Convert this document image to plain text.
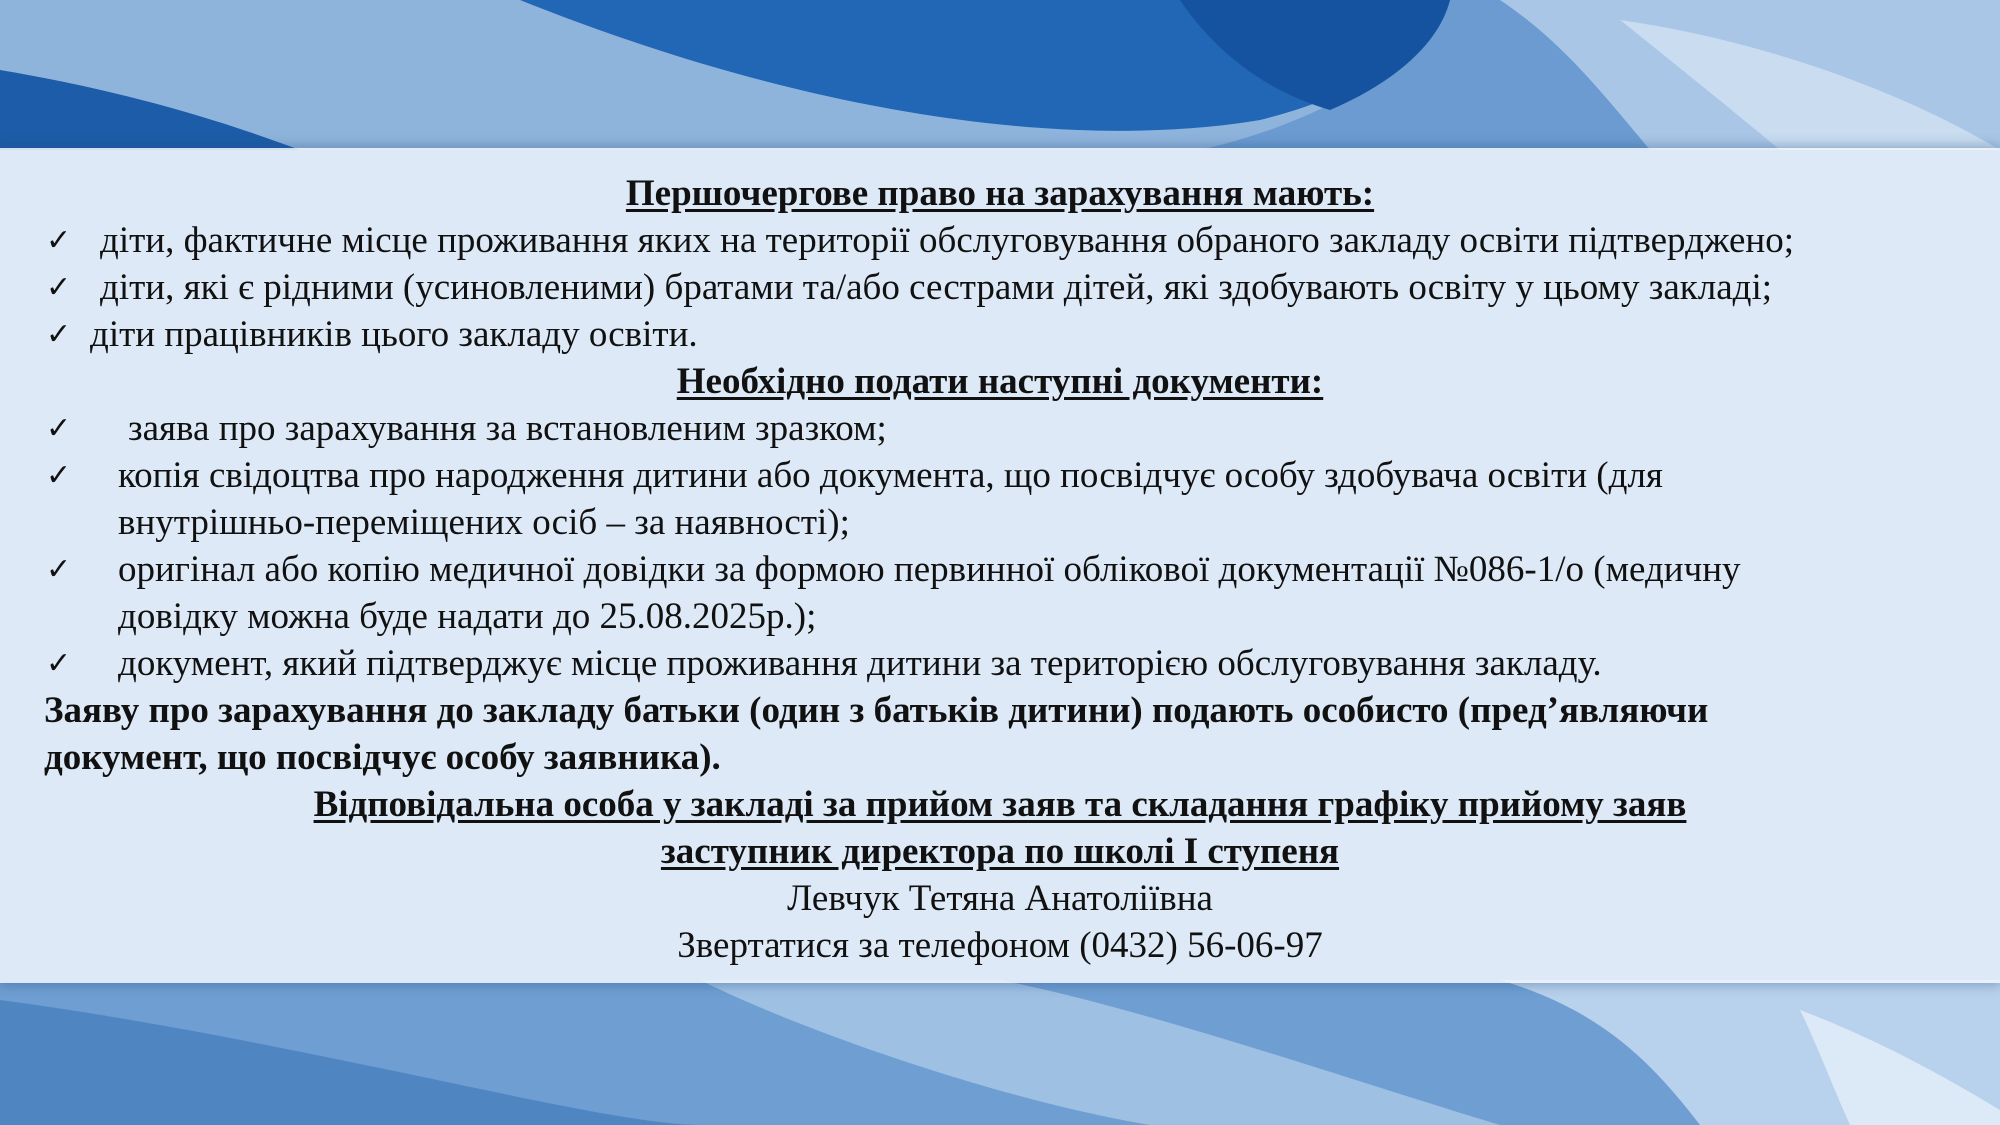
Першочергове право на зарахування мають:
✓ діти, фактичне місце проживання яких на території обслуговування обраного закладу освіти підтверджено;
✓ діти, які є рідними (усиновленими) братами та/або сестрами дітей, які здобувають освіту у цьому закладі;
✓ діти працівників цього закладу освіти.
Необхідно подати наступні документи:
✓ заява про зарахування за встановленим зразком;
✓ копія свідоцтва про народження дитини або документа, що посвідчує особу здобувача освіти (для
внутрішньо-переміщених осіб – за наявності);
✓ оригінал або копію медичної довідки за формою первинної облікової документації №086-1/о (медичну
довідку можна буде надати до 25.08.2025р.);
✓ документ, який підтверджує місце проживання дитини за територією обслуговування закладу.
Заяву про зарахування до закладу батьки (один з батьків дитини) подають особисто (пред’являючи
документ, що посвідчує особу заявника).
Відповідальна особа у закладі за прийом заяв та складання графіку прийому заяв
заступник директора по школі І ступеня
Левчук Тетяна Анатоліївна
Звертатися за телефоном (0432) 56-06-97
